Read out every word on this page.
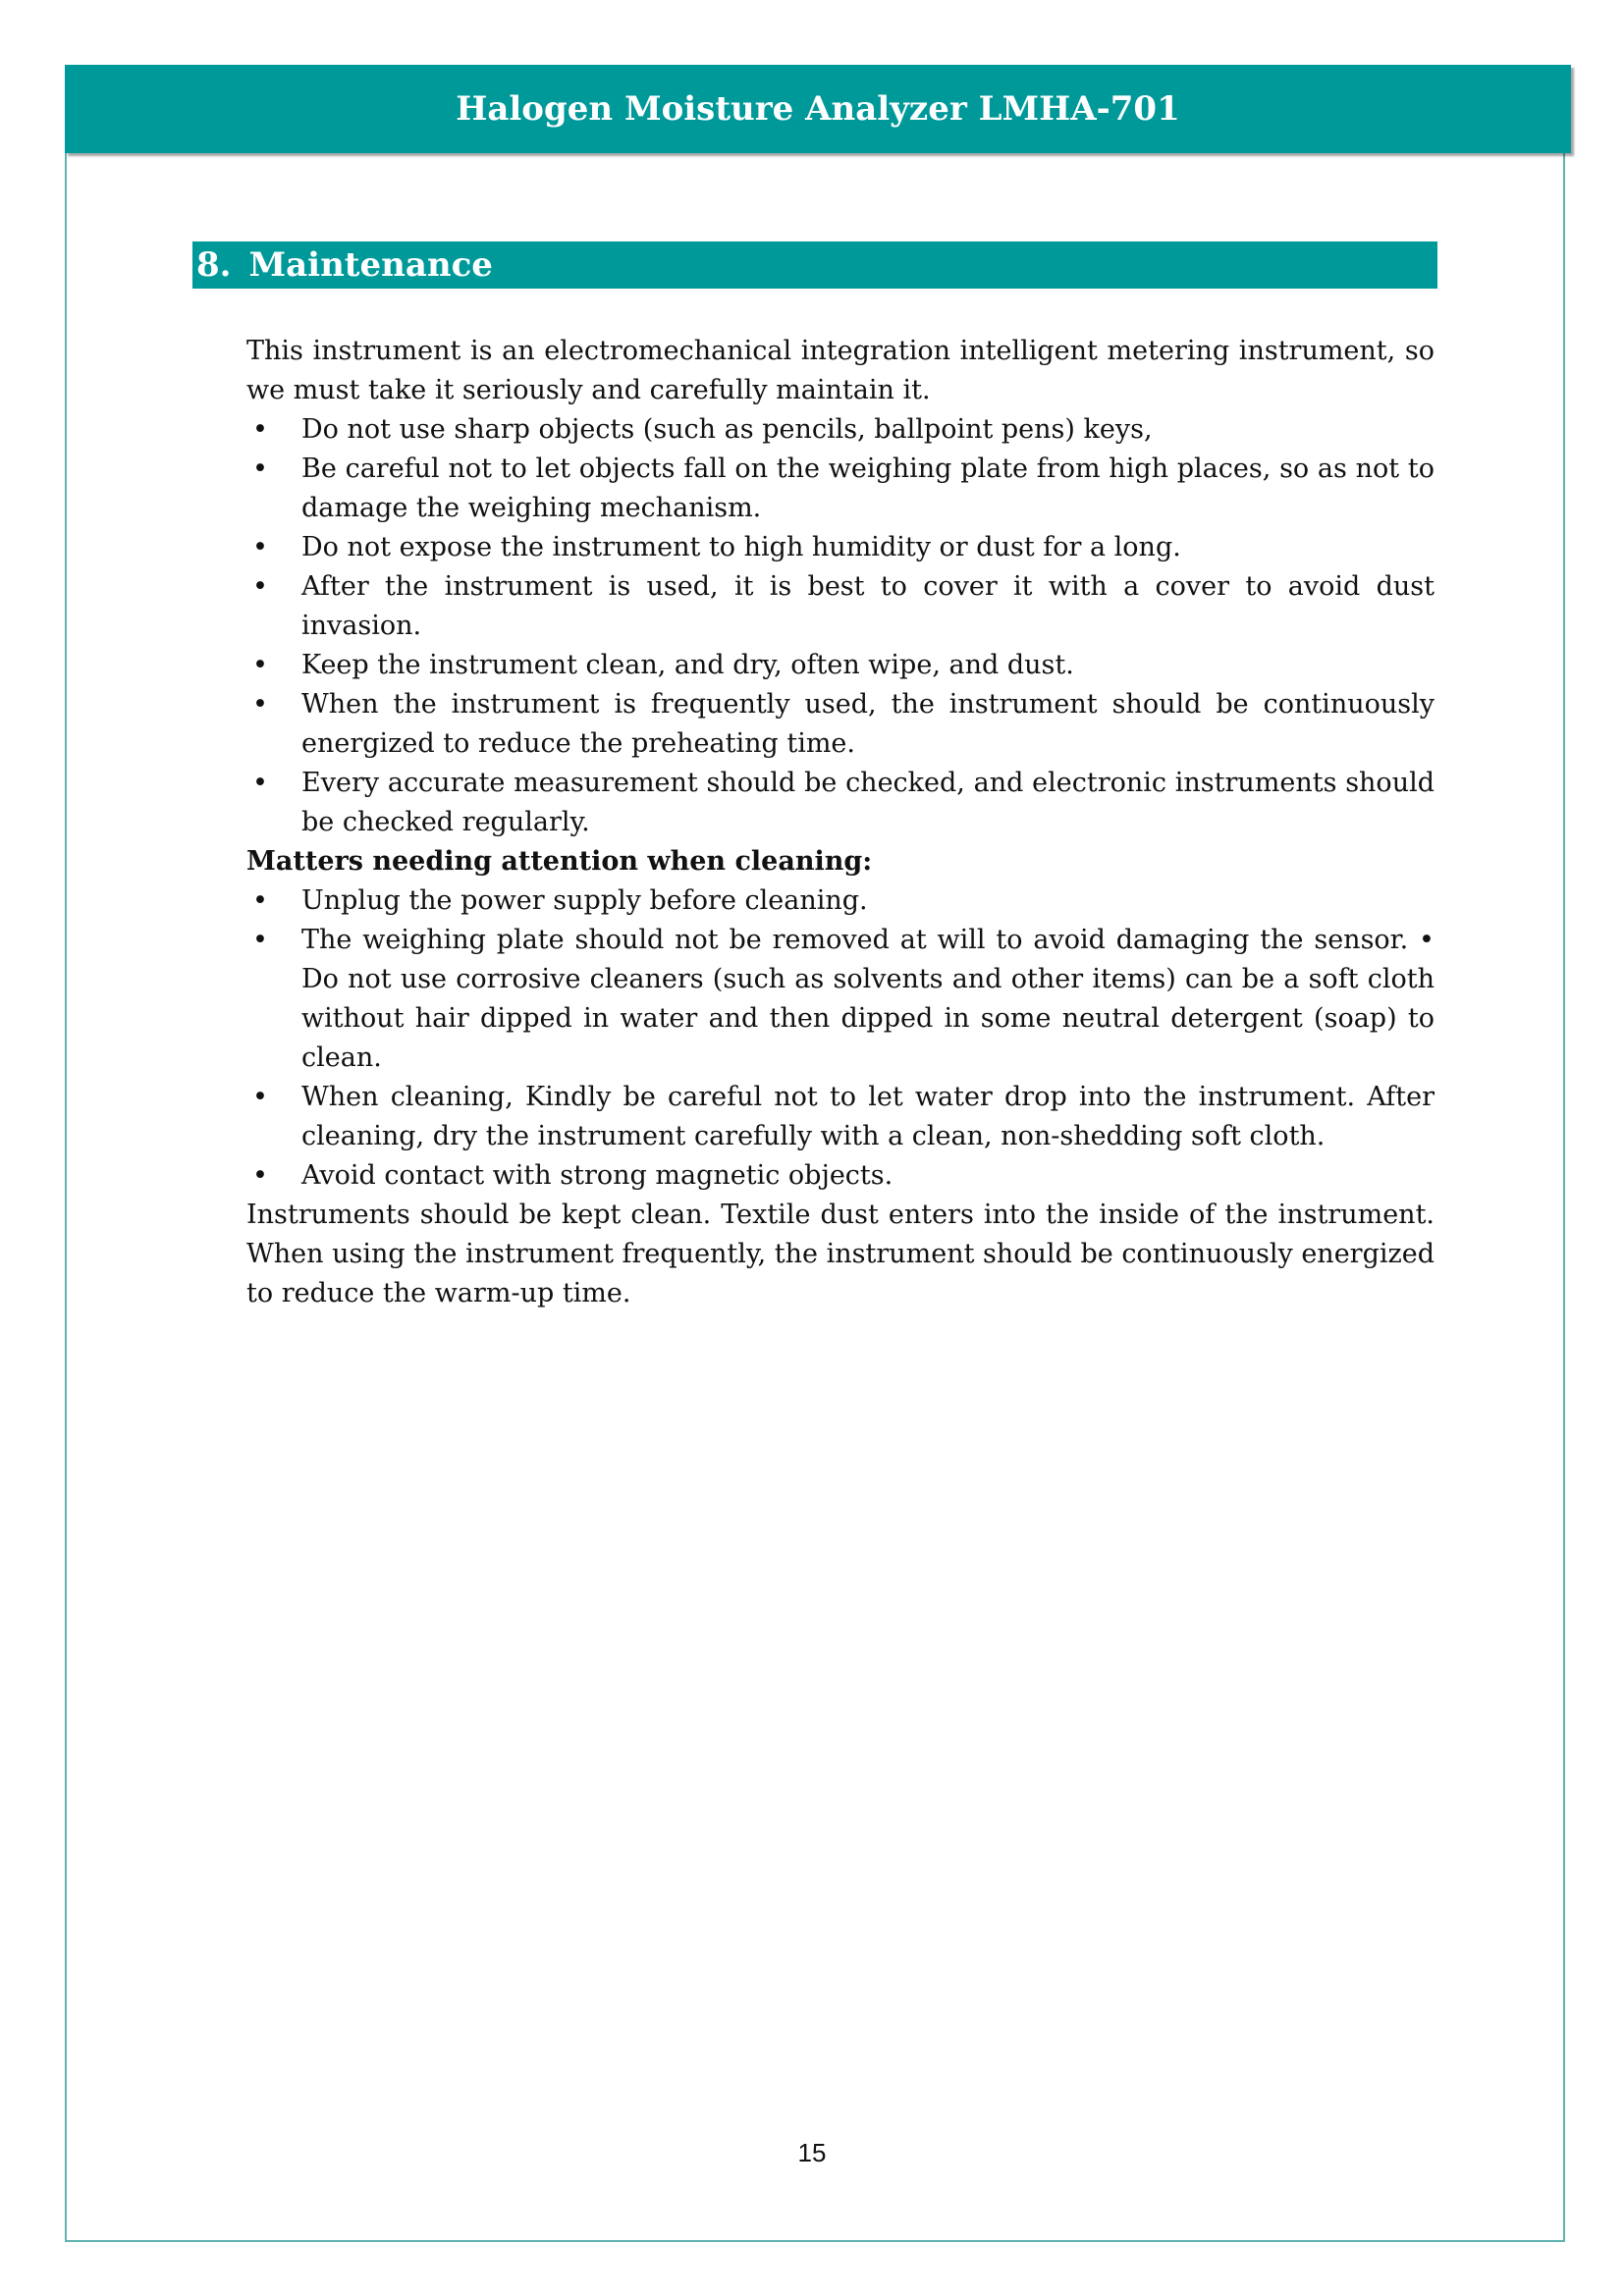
Halogen Moisture Analyzer LMHA-701
8. Maintenance

This instrument is an electromechanical integration intelligent metering instrument, so we must take it seriously and carefully maintain it.

• Do not use sharp objects (such as pencils, ballpoint pens) keys,
• Be careful not to let objects fall on the weighing plate from high places, so as not to damage the weighing mechanism.
• Do not expose the instrument to high humidity or dust for a long.
• After the instrument is used, it is best to cover it with a cover to avoid dust invasion.
• Keep the instrument clean, and dry, often wipe, and dust.
• When the instrument is frequently used, the instrument should be continuously energized to reduce the preheating time.
• Every accurate measurement should be checked, and electronic instruments should be checked regularly.

Matters needing attention when cleaning:

• Unplug the power supply before cleaning.
• The weighing plate should not be removed at will to avoid damaging the sensor. • Do not use corrosive cleaners (such as solvents and other items) can be a soft cloth without hair dipped in water and then dipped in some neutral detergent (soap) to clean.
• When cleaning, Kindly be careful not to let water drop into the instrument. After cleaning, dry the instrument carefully with a clean, non-shedding soft cloth.
• Avoid contact with strong magnetic objects.

Instruments should be kept clean. Textile dust enters into the inside of the instrument. When using the instrument frequently, the instrument should be continuously energized to reduce the warm-up time.

15
